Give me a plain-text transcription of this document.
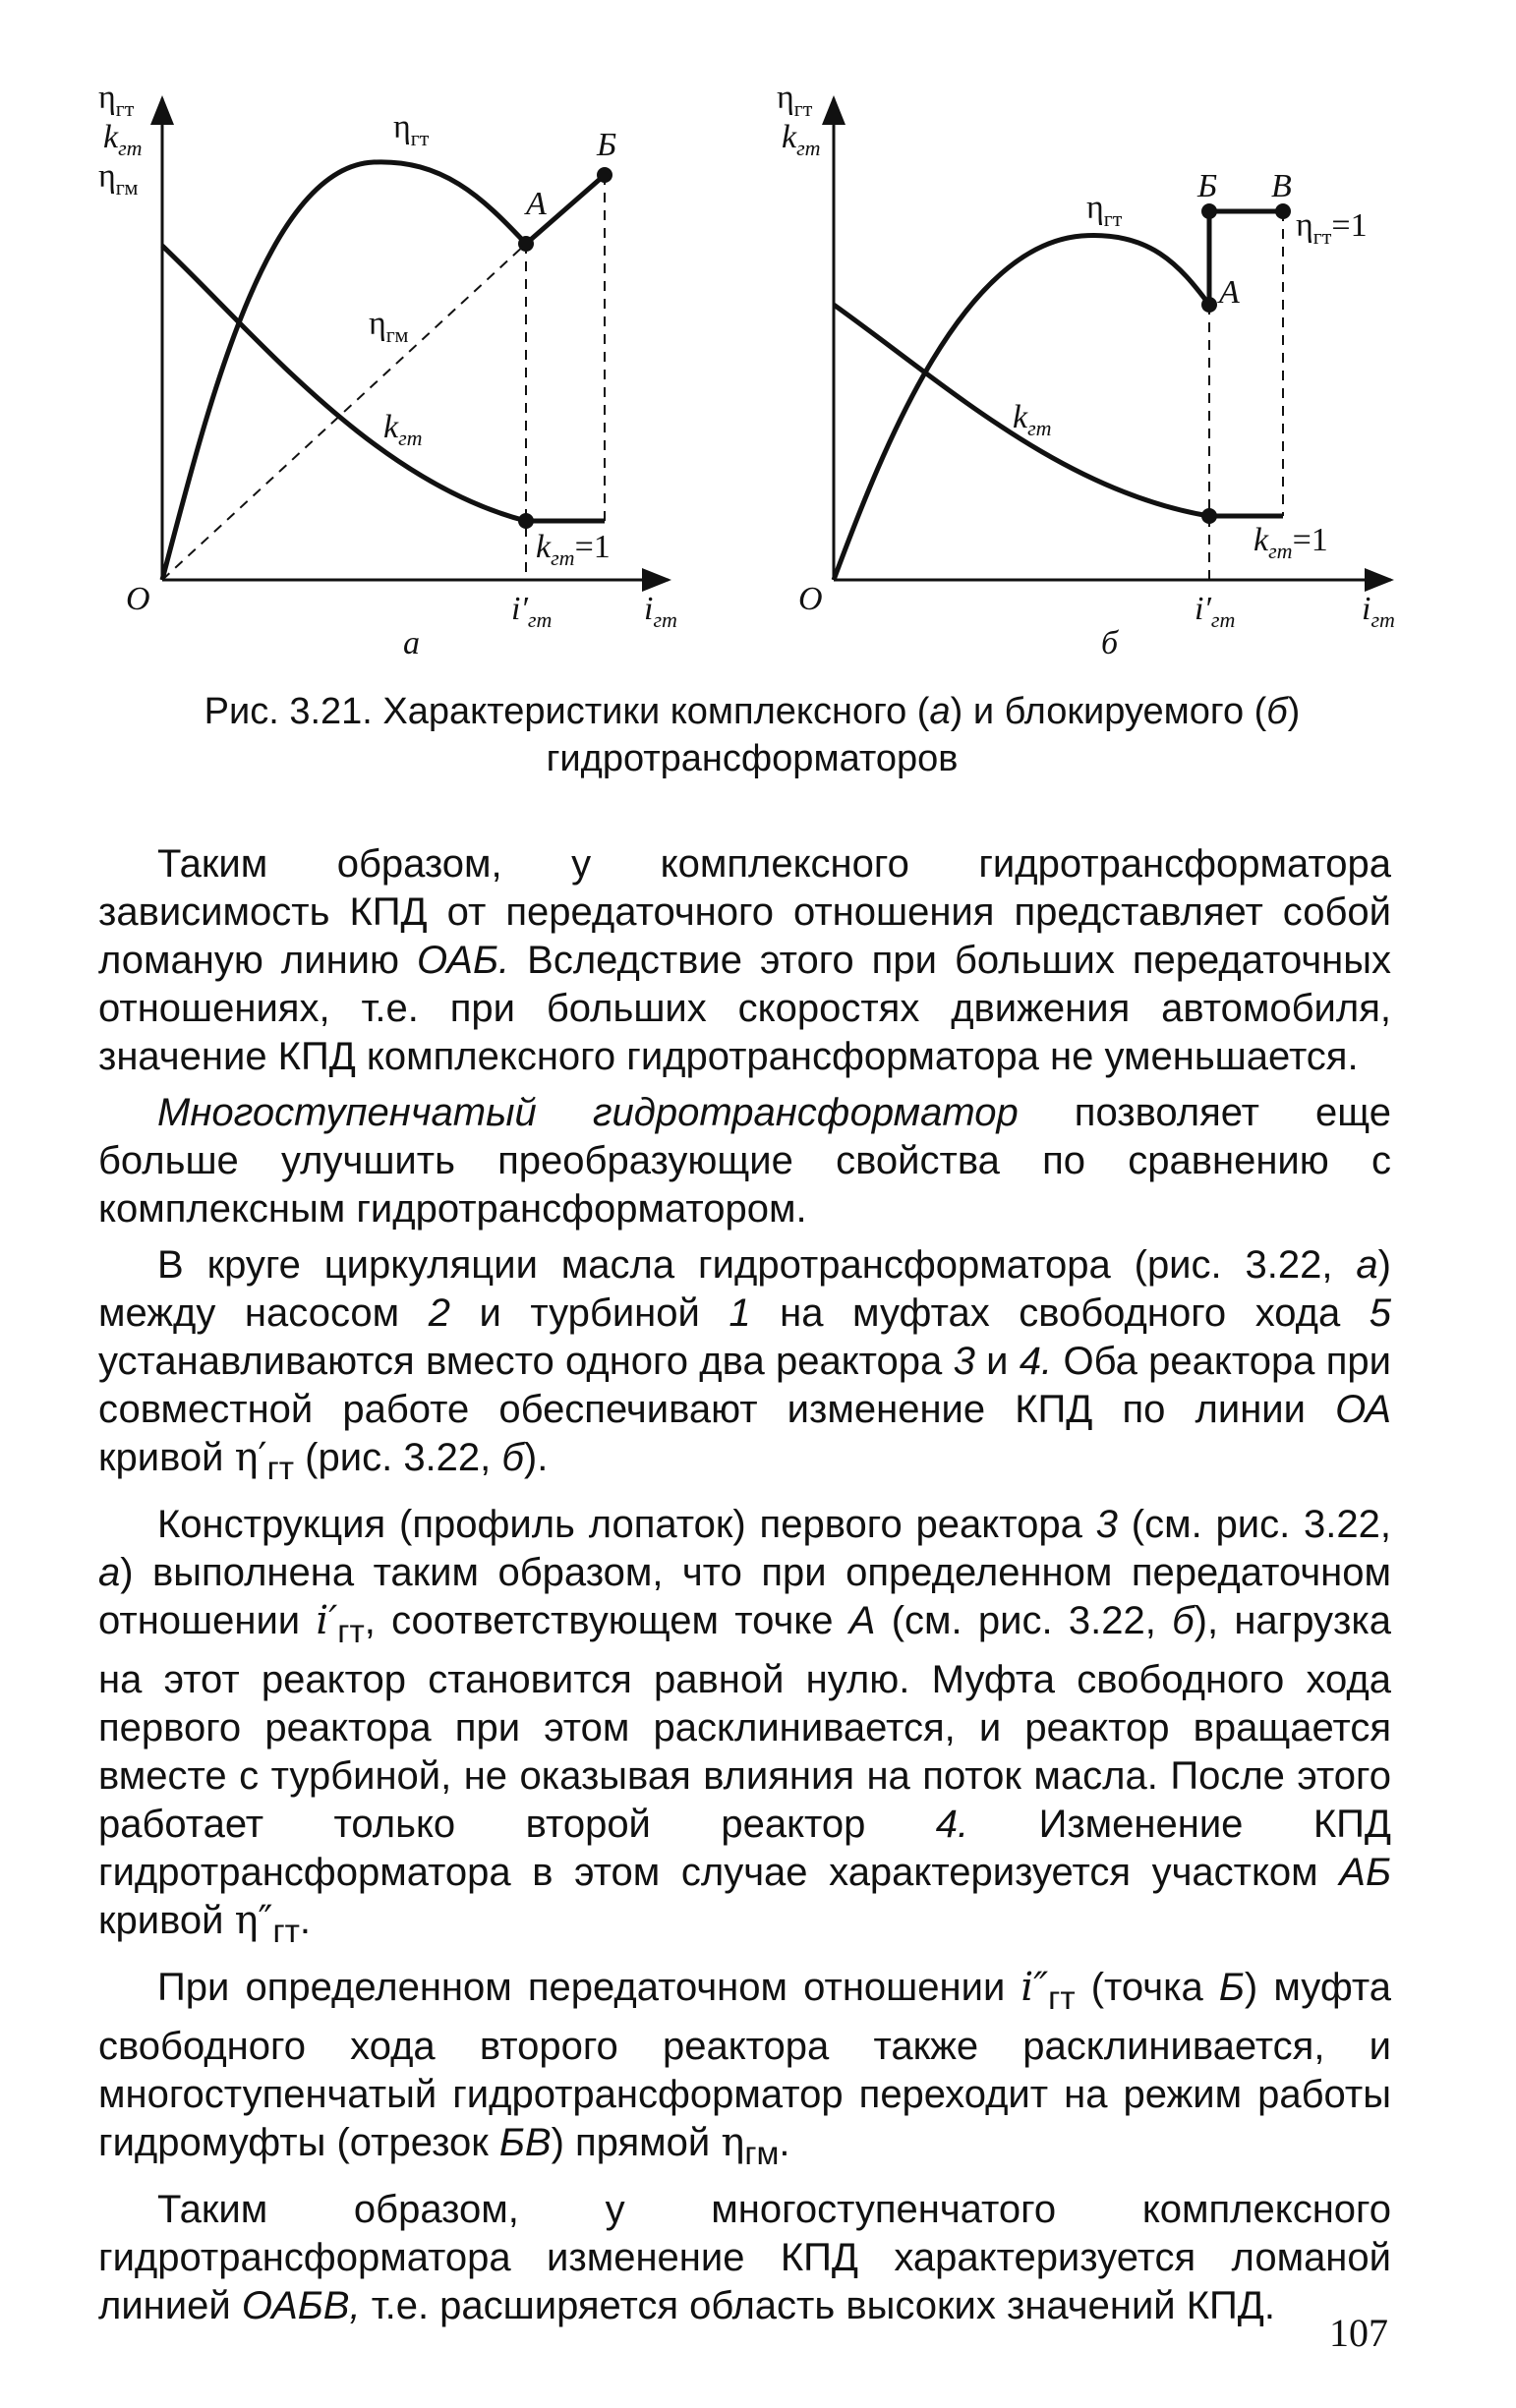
$\eta_{гт}$
$k_{гт}$
$\eta_{гм}$
O
$\eta_{гт}$
$\eta_{гм}$
$k_{гт}$
$k_{гт}=1$
А
Б
$i'_{гт}$	$i_{гт}$
а
$\eta_{гт}$
$k_{гт}$
O
$\eta_{гт}$
$k_{гт}$
$\eta_{гт}=1$
$k_{гт}=1$
А
Б В
$i'_{гт}$	$i_{гт}$
б
Рис. 3.21. Характеристики комплексного (а) и блокируемого (б) гидротрансформаторов

Таким образом, у комплексного гидротрансформатора зависимость КПД от передаточного отношения представляет собой ломаную линию ОАБ. Вследствие этого при больших передаточных отношениях, т.е. при больших скоростях движения автомобиля, значение КПД комплексного гидротрансформатора не уменьшается.

Многоступенчатый гидротрансформатор позволяет еще больше улучшить преобразующие свойства по сравнению с комплексным гидротрансформатором.

В круге циркуляции масла гидротрансформатора (рис. 3.22, а) между насосом 2 и турбиной 1 на муфтах свободного хода 5 устанавливаются вместо одного два реактора 3 и 4. Оба реактора при совместной работе обеспечивают изменение КПД по линии ОА кривой $\eta'_{гт}$ (рис. 3.22, б).

Конструкция (профиль лопаток) первого реактора 3 (см. рис. 3.22, а) выполнена таким образом, что при определенном передаточном отношении $i'_{гт}$, соответствующем точке А (см. рис. 3.22, б), нагрузка на этот реактор становится равной нулю. Муфта свободного хода первого реактора при этом расклинивается, и реактор вращается вместе с турбиной, не оказывая влияния на поток масла. После этого работает только второй реактор 4. Изменение КПД гидротрансформатора в этом случае характеризуется участком АБ кривой $\eta''_{гт}$.

При определенном передаточном отношении $i''_{гт}$ (точка Б) муфта свободного хода второго реактора также расклинивается, и многоступенчатый гидротрансформатор переходит на режим работы гидромуфты (отрезок БВ) прямой $\eta_{гм}$.

Таким образом, у многоступенчатого комплексного гидротрансформатора изменение КПД характеризуется ломаной линией ОАБВ, т.е. расширяется область высоких значений КПД.

107
